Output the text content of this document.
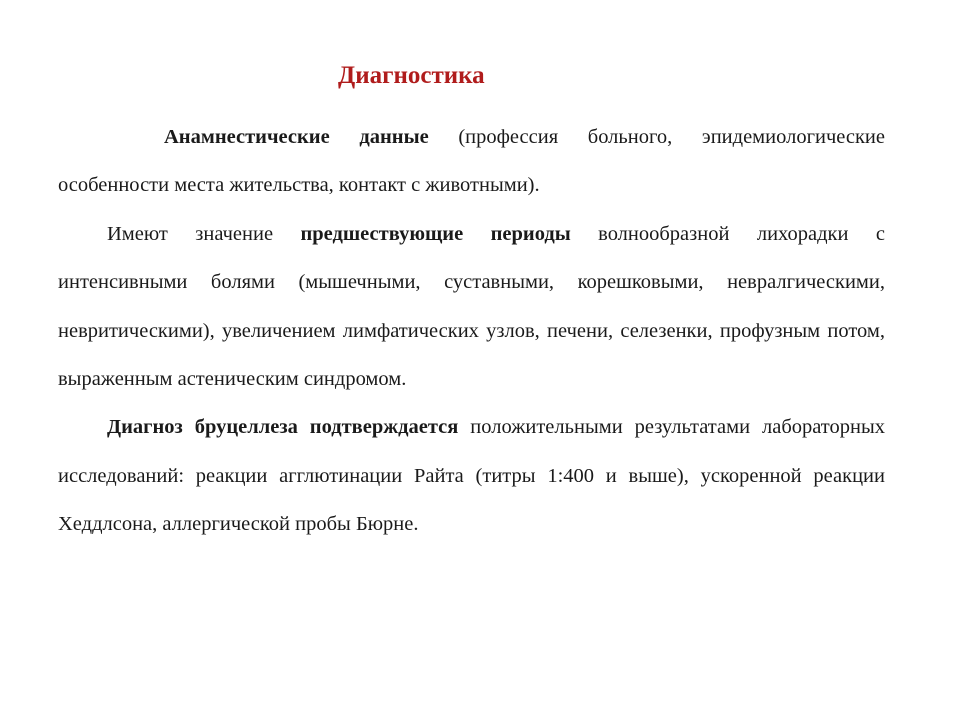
Диагностика

Анамнестические данные (профессия больного, эпидемиологические особенности места жительства, контакт с животными).

Имеют значение предшествующие периоды волнообразной лихорадки с интенсивными болями (мышечными, суставными, корешковыми, невралгическими, невритическими), увеличением лимфатических узлов, печени, селезенки, профузным потом, выраженным астеническим синдромом.

Диагноз бруцеллеза подтверждается положительными результатами лабораторных исследований: реакции агглютинации Райта (титры 1:400 и выше), ускоренной реакции Хеддлсона, аллергической пробы Бюрне.
